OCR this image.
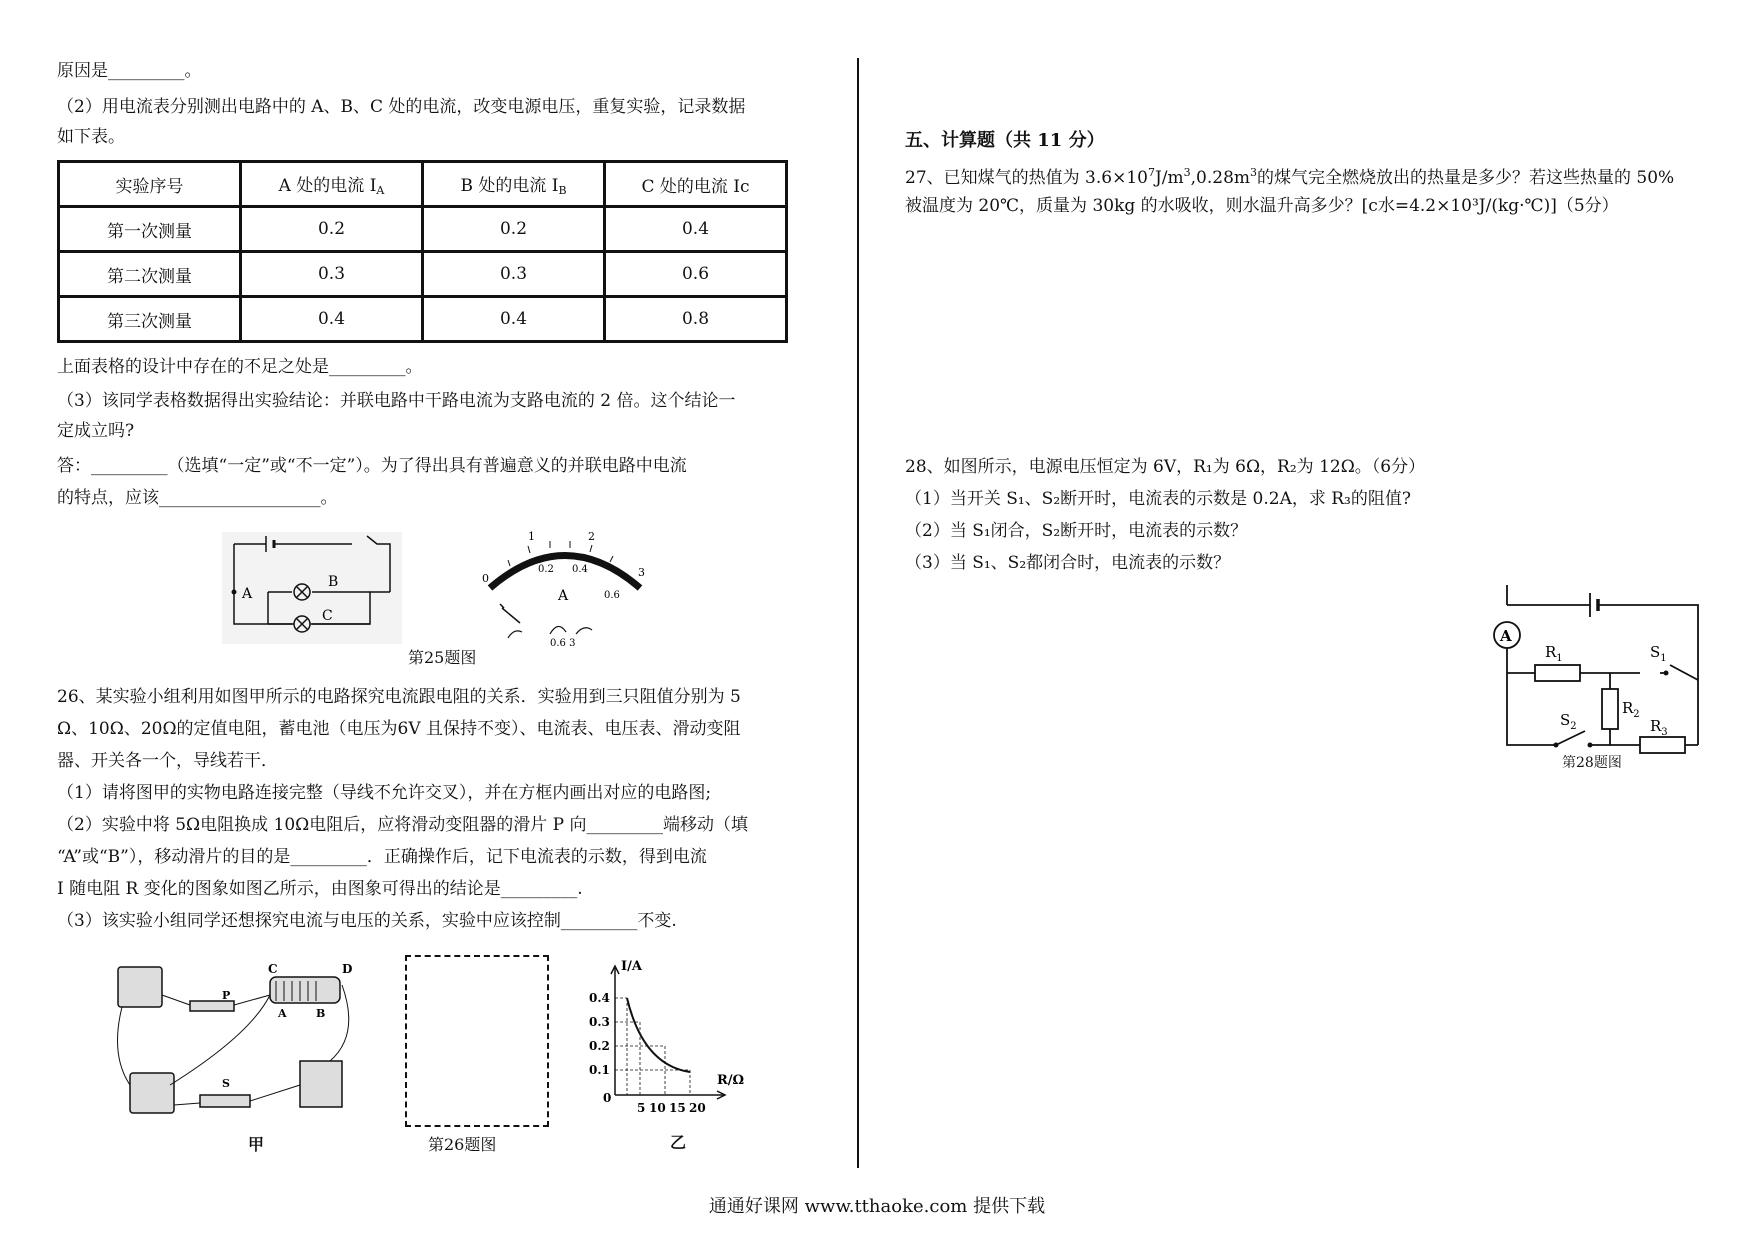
原因是_________。
（2）用电流表分别测出电路中的 A、B、C 处的电流，改变电源电压，重复实验，记录数据
如下表。
实验序号	A 处的电流 $I_A$	B 处的电流 $I_B$	C 处的电流 Ic
第一次测量	0.2	0.2	0.4
第二次测量	0.3	0.3	0.6
第三次测量	0.4	0.4	0.8
上面表格的设计中存在的不足之处是_________。
（3）该同学表格数据得出实验结论：并联电路中干路电流为支路电流的 2 倍。这个结论一
定成立吗?
答：_________（选填“一定”或“不一定”）。为了得出具有普遍意义的并联电路中电流
的特点，应该___________________。
A
B
C
1	2
0
0.2 0.4	3
0.6
A
0.6 3
第25题图
26、某实验小组利用如图甲所示的电路探究电流跟电阻的关系．实验用到三只阻值分别为 5
Ω、10Ω、20Ω的定值电阻，蓄电池（电压为6V 且保持不变）、电流表、电压表、滑动变阻
器、开关各一个，导线若干．
（1）请将图甲的实物电路连接完整（导线不允许交叉），并在方框内画出对应的电路图;
（2）实验中将 5Ω电阻换成 10Ω电阻后，应将滑动变阻器的滑片 P 向_________端移动（填
“A”或“B”），移动滑片的目的是_________．正确操作后，记下电流表的示数，得到电流
I 随电阻 R 变化的图象如图乙所示，由图象可得出的结论是_________.
（3）该实验小组同学还想探究电流与电压的关系，实验中应该控制_________不变.
P
C	D
A	B
S
甲	第26题图
I/A
R/Ω
0.4
0.3
0.2
0.1
0
5 10 15 20
乙
五、计算题（共 11 分）
27、已知煤气的热值为 $3.6\times 10^7J/m^3,0.28m^3$的煤气完全燃烧放出的热量是多少？若这些热量的 50%
被温度为 20℃，质量为 30kg 的水吸收，则水温升高多少？[c水=4.2×10³J/(kg·℃)]（5分）
28、如图所示，电源电压恒定为 6V，R₁为 6Ω，R₂为 12Ω。（6分）
（1）当开关 S₁、S₂断开时，电流表的示数是 0.2A，求 R₃的阻值?
（2）当 S₁闭合，S₂断开时，电流表的示数？
（3）当 S₁、S₂都闭合时，电流表的示数？
A
$R_1$
$R_2$
$R_3$
$S_1$
$S_2$
第28题图
通通好课网 www.tthaoke.com 提供下载
